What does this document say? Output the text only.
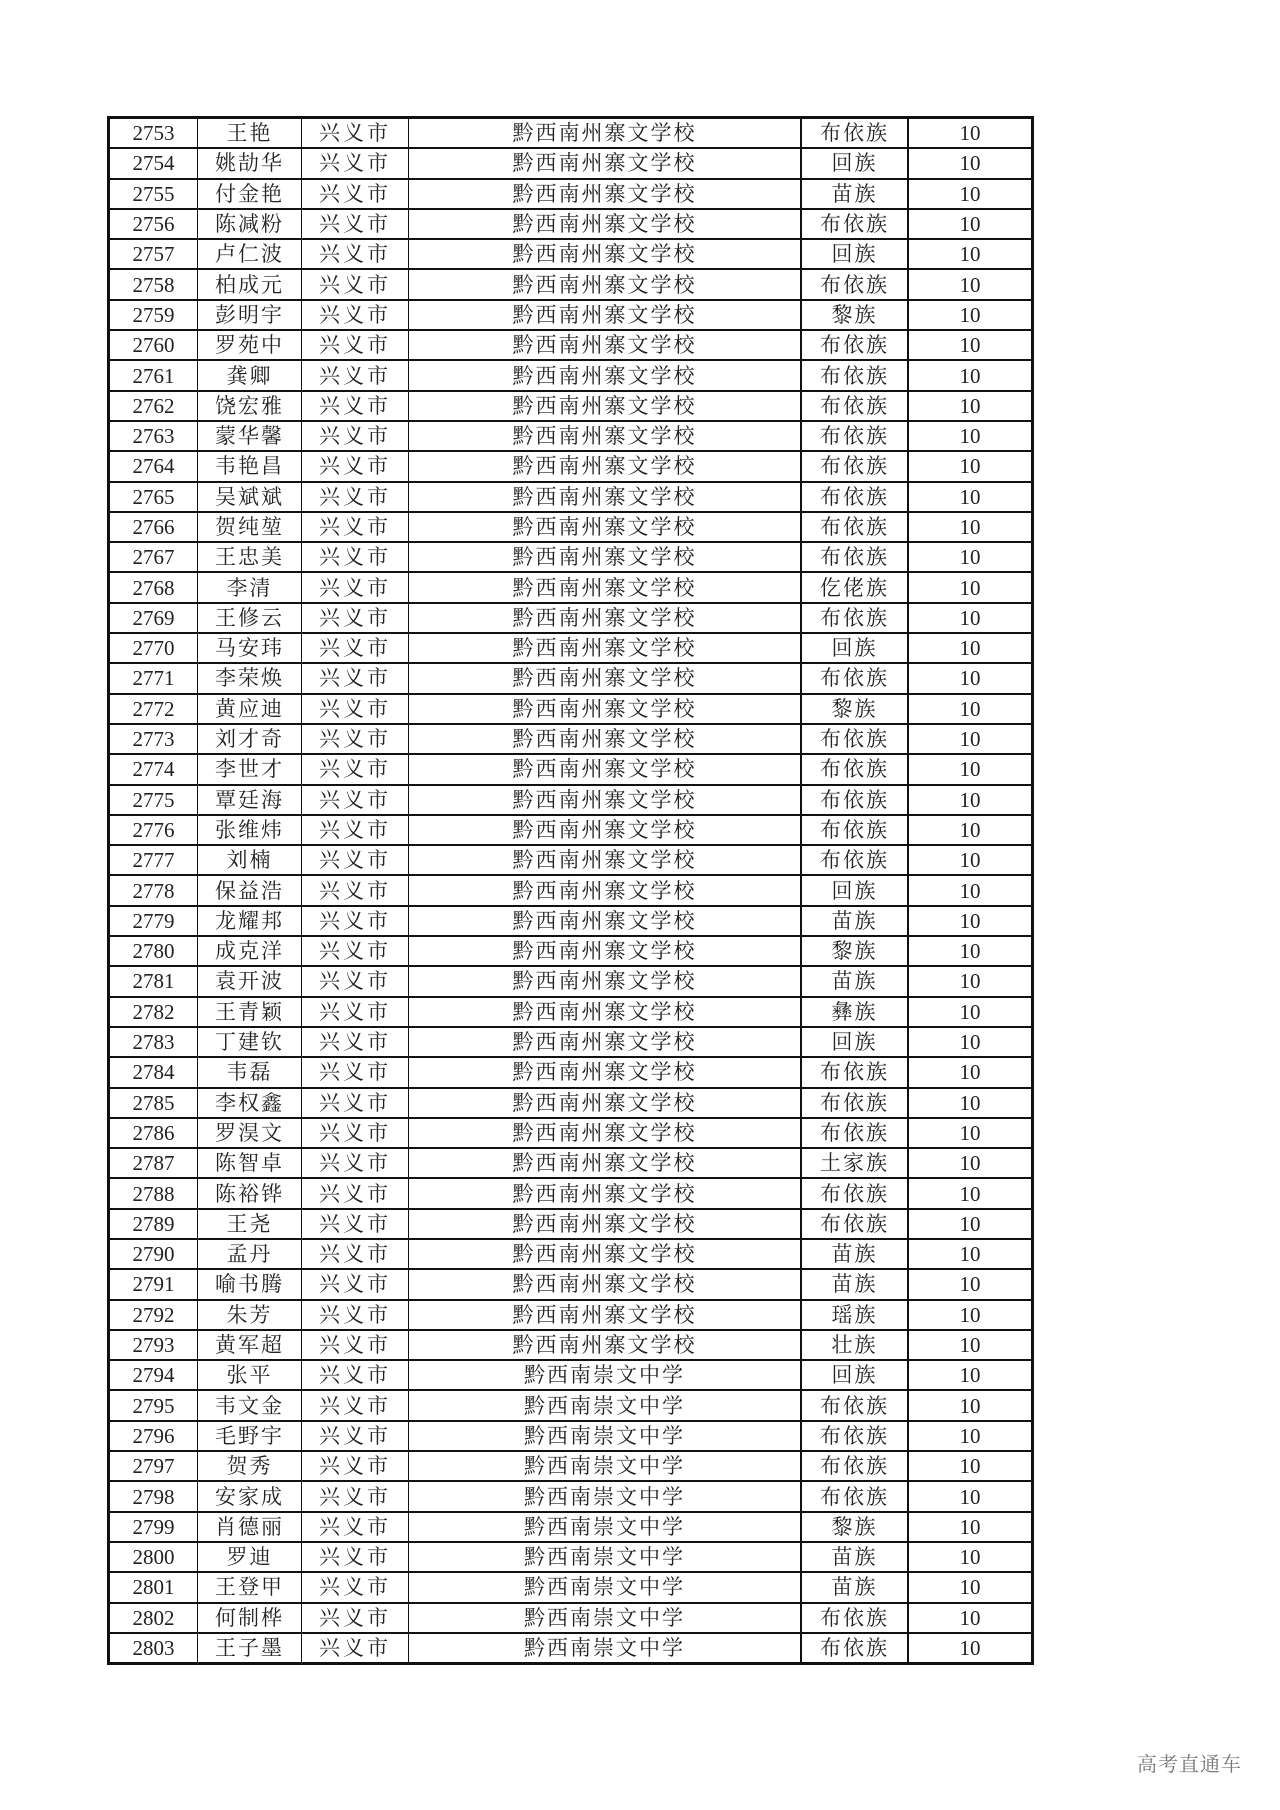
2753	王艳	兴义市	黔西南州寨文学校	布依族	10
2754	姚劼华	兴义市	黔西南州寨文学校	回族	10
2755	付金艳	兴义市	黔西南州寨文学校	苗族	10
2756	陈减粉	兴义市	黔西南州寨文学校	布依族	10
2757	卢仁波	兴义市	黔西南州寨文学校	回族	10
2758	柏成元	兴义市	黔西南州寨文学校	布依族	10
2759	彭明宇	兴义市	黔西南州寨文学校	黎族	10
2760	罗苑中	兴义市	黔西南州寨文学校	布依族	10
2761	龚卿	兴义市	黔西南州寨文学校	布依族	10
2762	饶宏雅	兴义市	黔西南州寨文学校	布依族	10
2763	蒙华馨	兴义市	黔西南州寨文学校	布依族	10
2764	韦艳昌	兴义市	黔西南州寨文学校	布依族	10
2765	吴斌斌	兴义市	黔西南州寨文学校	布依族	10
2766	贺纯堃	兴义市	黔西南州寨文学校	布依族	10
2767	王忠美	兴义市	黔西南州寨文学校	布依族	10
2768	李清	兴义市	黔西南州寨文学校	仡佬族	10
2769	王修云	兴义市	黔西南州寨文学校	布依族	10
2770	马安玮	兴义市	黔西南州寨文学校	回族	10
2771	李荣焕	兴义市	黔西南州寨文学校	布依族	10
2772	黄应迪	兴义市	黔西南州寨文学校	黎族	10
2773	刘才奇	兴义市	黔西南州寨文学校	布依族	10
2774	李世才	兴义市	黔西南州寨文学校	布依族	10
2775	覃廷海	兴义市	黔西南州寨文学校	布依族	10
2776	张维炜	兴义市	黔西南州寨文学校	布依族	10
2777	刘楠	兴义市	黔西南州寨文学校	布依族	10
2778	保益浩	兴义市	黔西南州寨文学校	回族	10
2779	龙耀邦	兴义市	黔西南州寨文学校	苗族	10
2780	成克洋	兴义市	黔西南州寨文学校	黎族	10
2781	袁开波	兴义市	黔西南州寨文学校	苗族	10
2782	王青颖	兴义市	黔西南州寨文学校	彝族	10
2783	丁建钦	兴义市	黔西南州寨文学校	回族	10
2784	韦磊	兴义市	黔西南州寨文学校	布依族	10
2785	李权鑫	兴义市	黔西南州寨文学校	布依族	10
2786	罗淏文	兴义市	黔西南州寨文学校	布依族	10
2787	陈智卓	兴义市	黔西南州寨文学校	土家族	10
2788	陈裕铧	兴义市	黔西南州寨文学校	布依族	10
2789	王尧	兴义市	黔西南州寨文学校	布依族	10
2790	孟丹	兴义市	黔西南州寨文学校	苗族	10
2791	喻书腾	兴义市	黔西南州寨文学校	苗族	10
2792	朱芳	兴义市	黔西南州寨文学校	瑶族	10
2793	黄军超	兴义市	黔西南州寨文学校	壮族	10
2794	张平	兴义市	黔西南崇文中学	回族	10
2795	韦文金	兴义市	黔西南崇文中学	布依族	10
2796	毛野宇	兴义市	黔西南崇文中学	布依族	10
2797	贺秀	兴义市	黔西南崇文中学	布依族	10
2798	安家成	兴义市	黔西南崇文中学	布依族	10
2799	肖德丽	兴义市	黔西南崇文中学	黎族	10
2800	罗迪	兴义市	黔西南崇文中学	苗族	10
2801	王登甲	兴义市	黔西南崇文中学	苗族	10
2802	何制桦	兴义市	黔西南崇文中学	布依族	10
2803	王子墨	兴义市	黔西南崇文中学	布依族	10
高考直通车
